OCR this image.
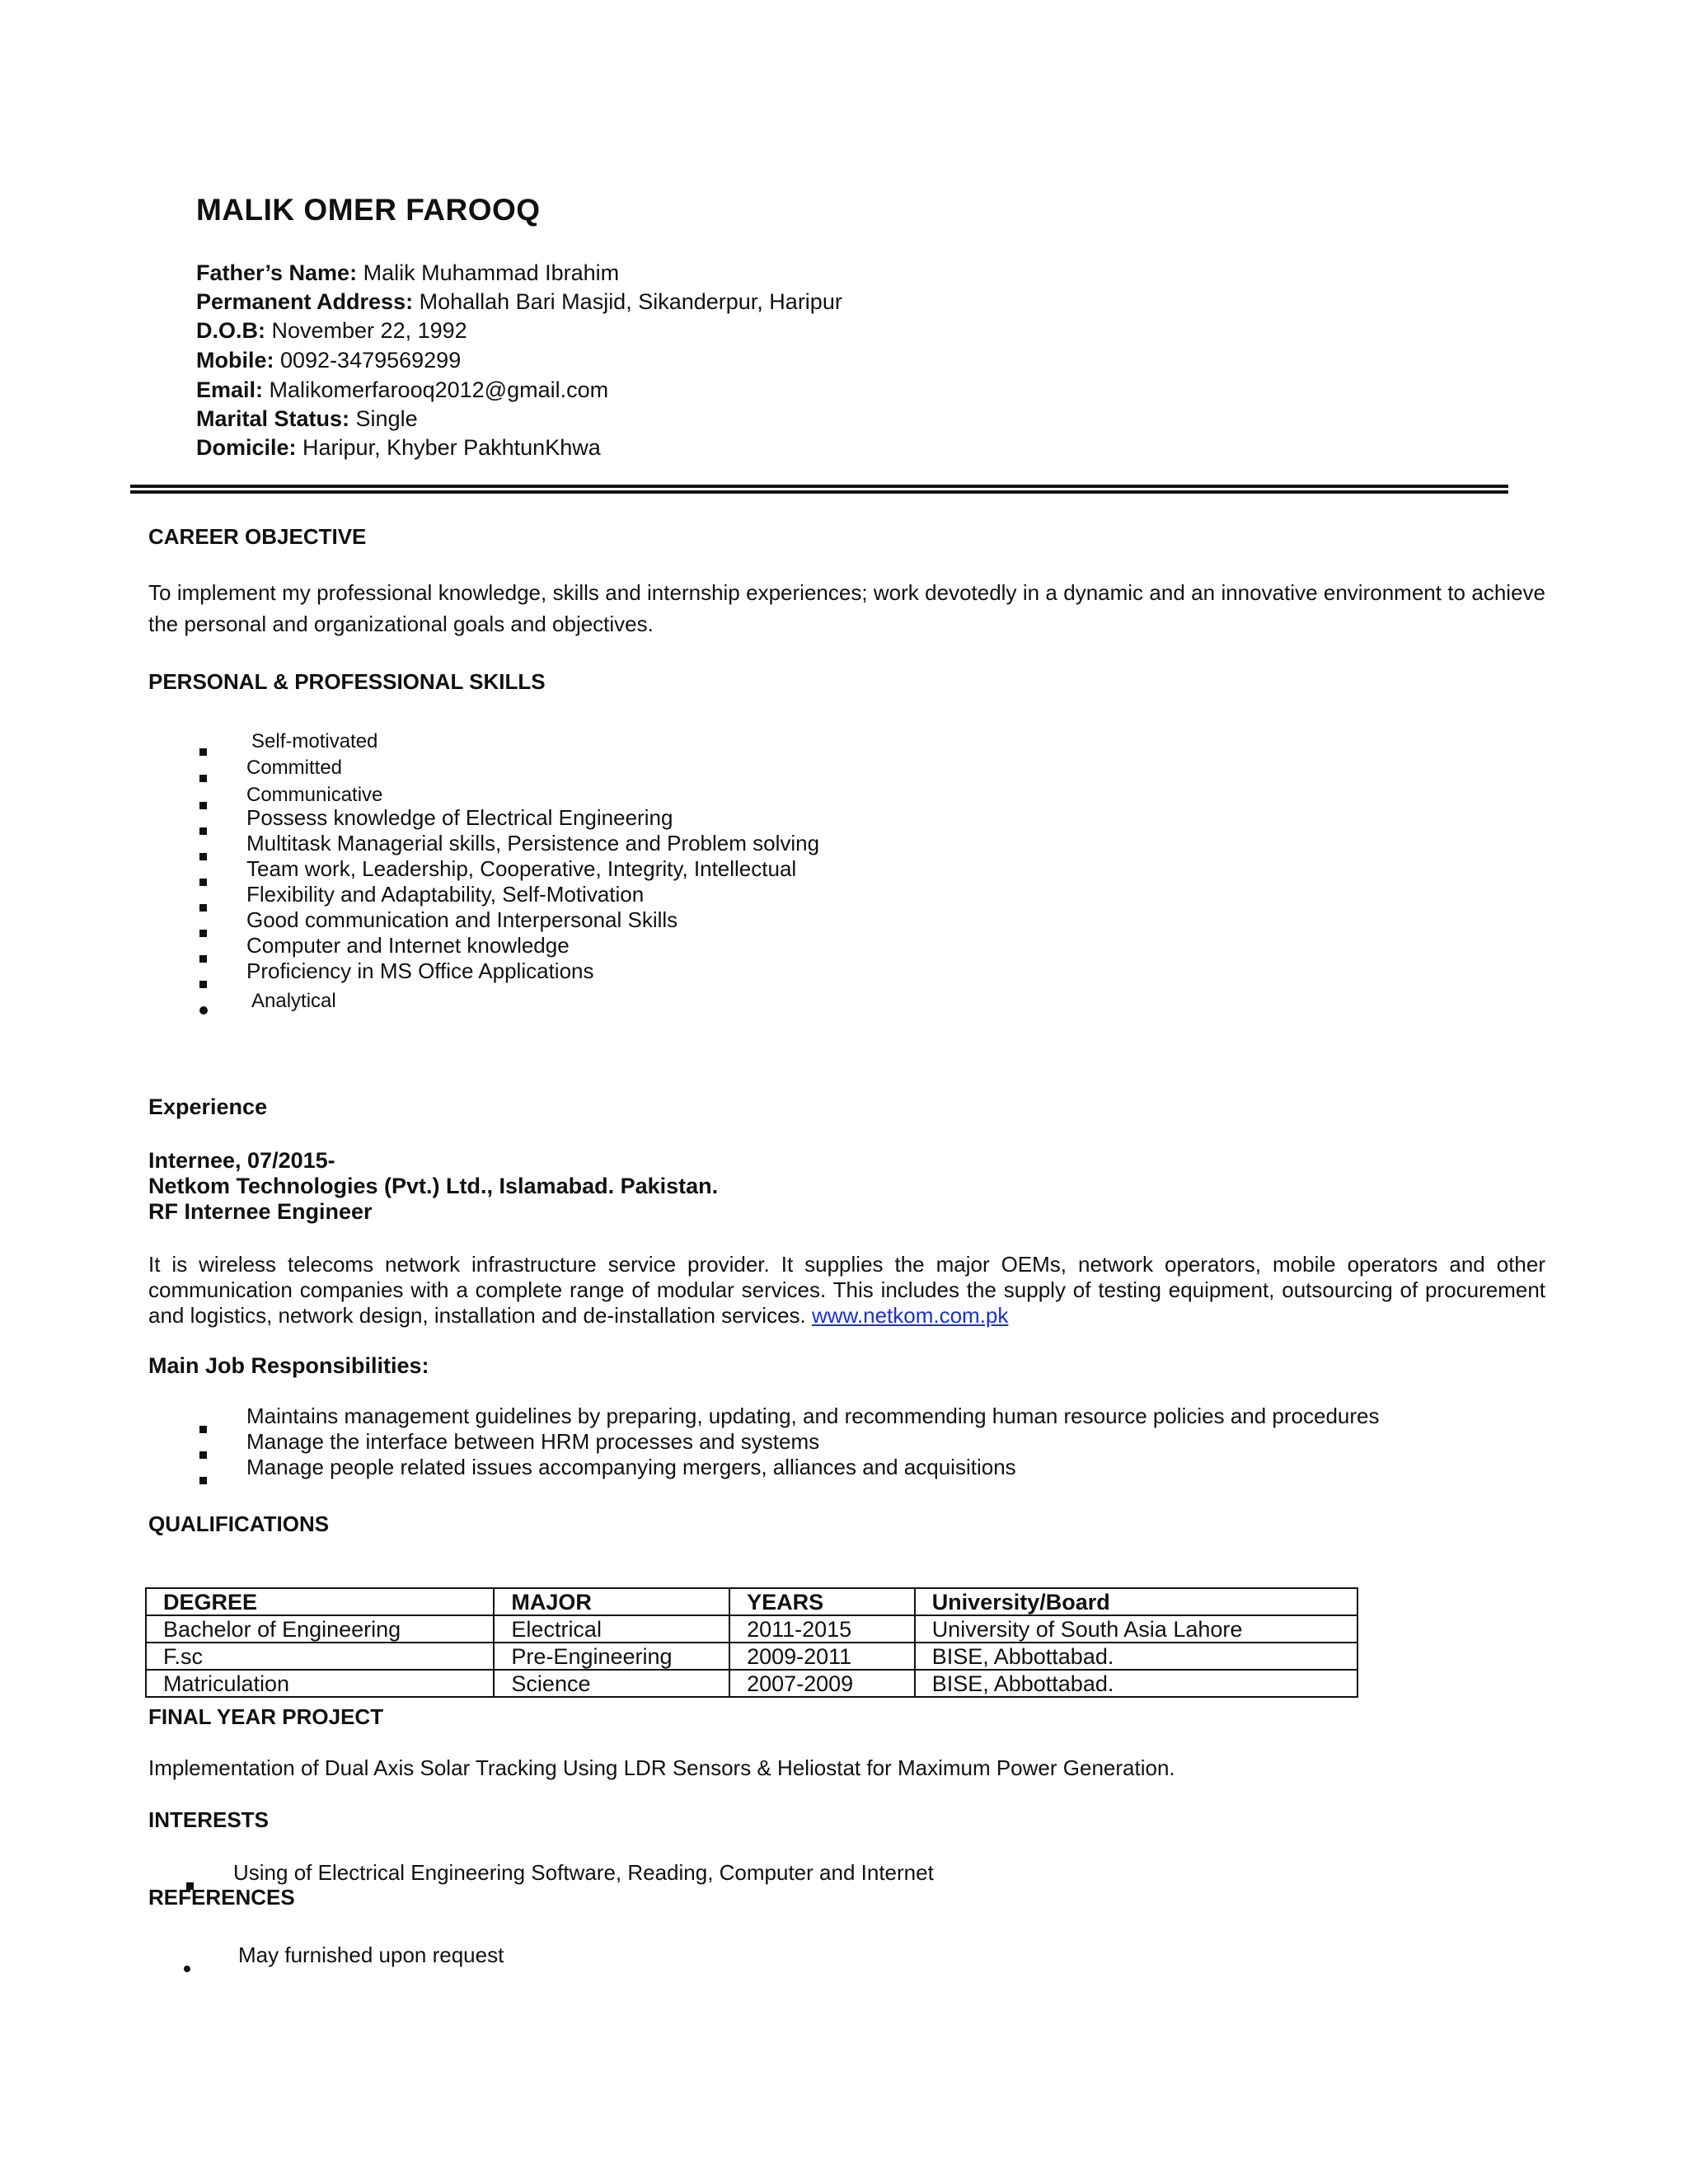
MALIK OMER FAROOQ
Father’s Name: Malik Muhammad Ibrahim
Permanent Address: Mohallah Bari Masjid, Sikanderpur, Haripur
D.O.B: November 22, 1992
Mobile: 0092-3479569299
Email: Malikomerfarooq2012@gmail.com
Marital Status: Single
Domicile: Haripur, Khyber PakhtunKhwa
CAREER OBJECTIVE
To implement my professional knowledge, skills and internship experiences; work devotedly in a dynamic and an innovative environment to achieve the personal and organizational goals and objectives.
PERSONAL & PROFESSIONAL SKILLS
Self-motivated
Committed
Communicative
Possess knowledge of Electrical Engineering
Multitask Managerial skills, Persistence and Problem solving
Team work, Leadership, Cooperative, Integrity, Intellectual
Flexibility and Adaptability, Self-Motivation
Good communication and Interpersonal Skills
Computer and Internet knowledge
Proficiency in MS Office Applications
Analytical
Experience
Internee, 07/2015-
Netkom Technologies (Pvt.) Ltd., Islamabad. Pakistan.
RF Internee Engineer
It is wireless telecoms network infrastructure service provider. It supplies the major OEMs, network operators, mobile operators and other communication companies with a complete range of modular services. This includes the supply of testing equipment, outsourcing of procurement and logistics, network design, installation and de-installation services. www.netkom.com.pk
Main Job Responsibilities:
Maintains management guidelines by preparing, updating, and recommending human resource policies and procedures
Manage the interface between HRM processes and systems
Manage people related issues accompanying mergers, alliances and acquisitions
QUALIFICATIONS
DEGREE	MAJOR	YEARS	University/Board
Bachelor of Engineering	Electrical	2011-2015	University of South Asia Lahore
F.sc	Pre-Engineering	2009-2011	BISE, Abbottabad.
Matriculation	Science	2007-2009	BISE, Abbottabad.
FINAL YEAR PROJECT
Implementation of Dual Axis Solar Tracking Using LDR Sensors & Heliostat for Maximum Power Generation.
INTERESTS
Using of Electrical Engineering Software, Reading, Computer and Internet
REFERENCES
May furnished upon request
